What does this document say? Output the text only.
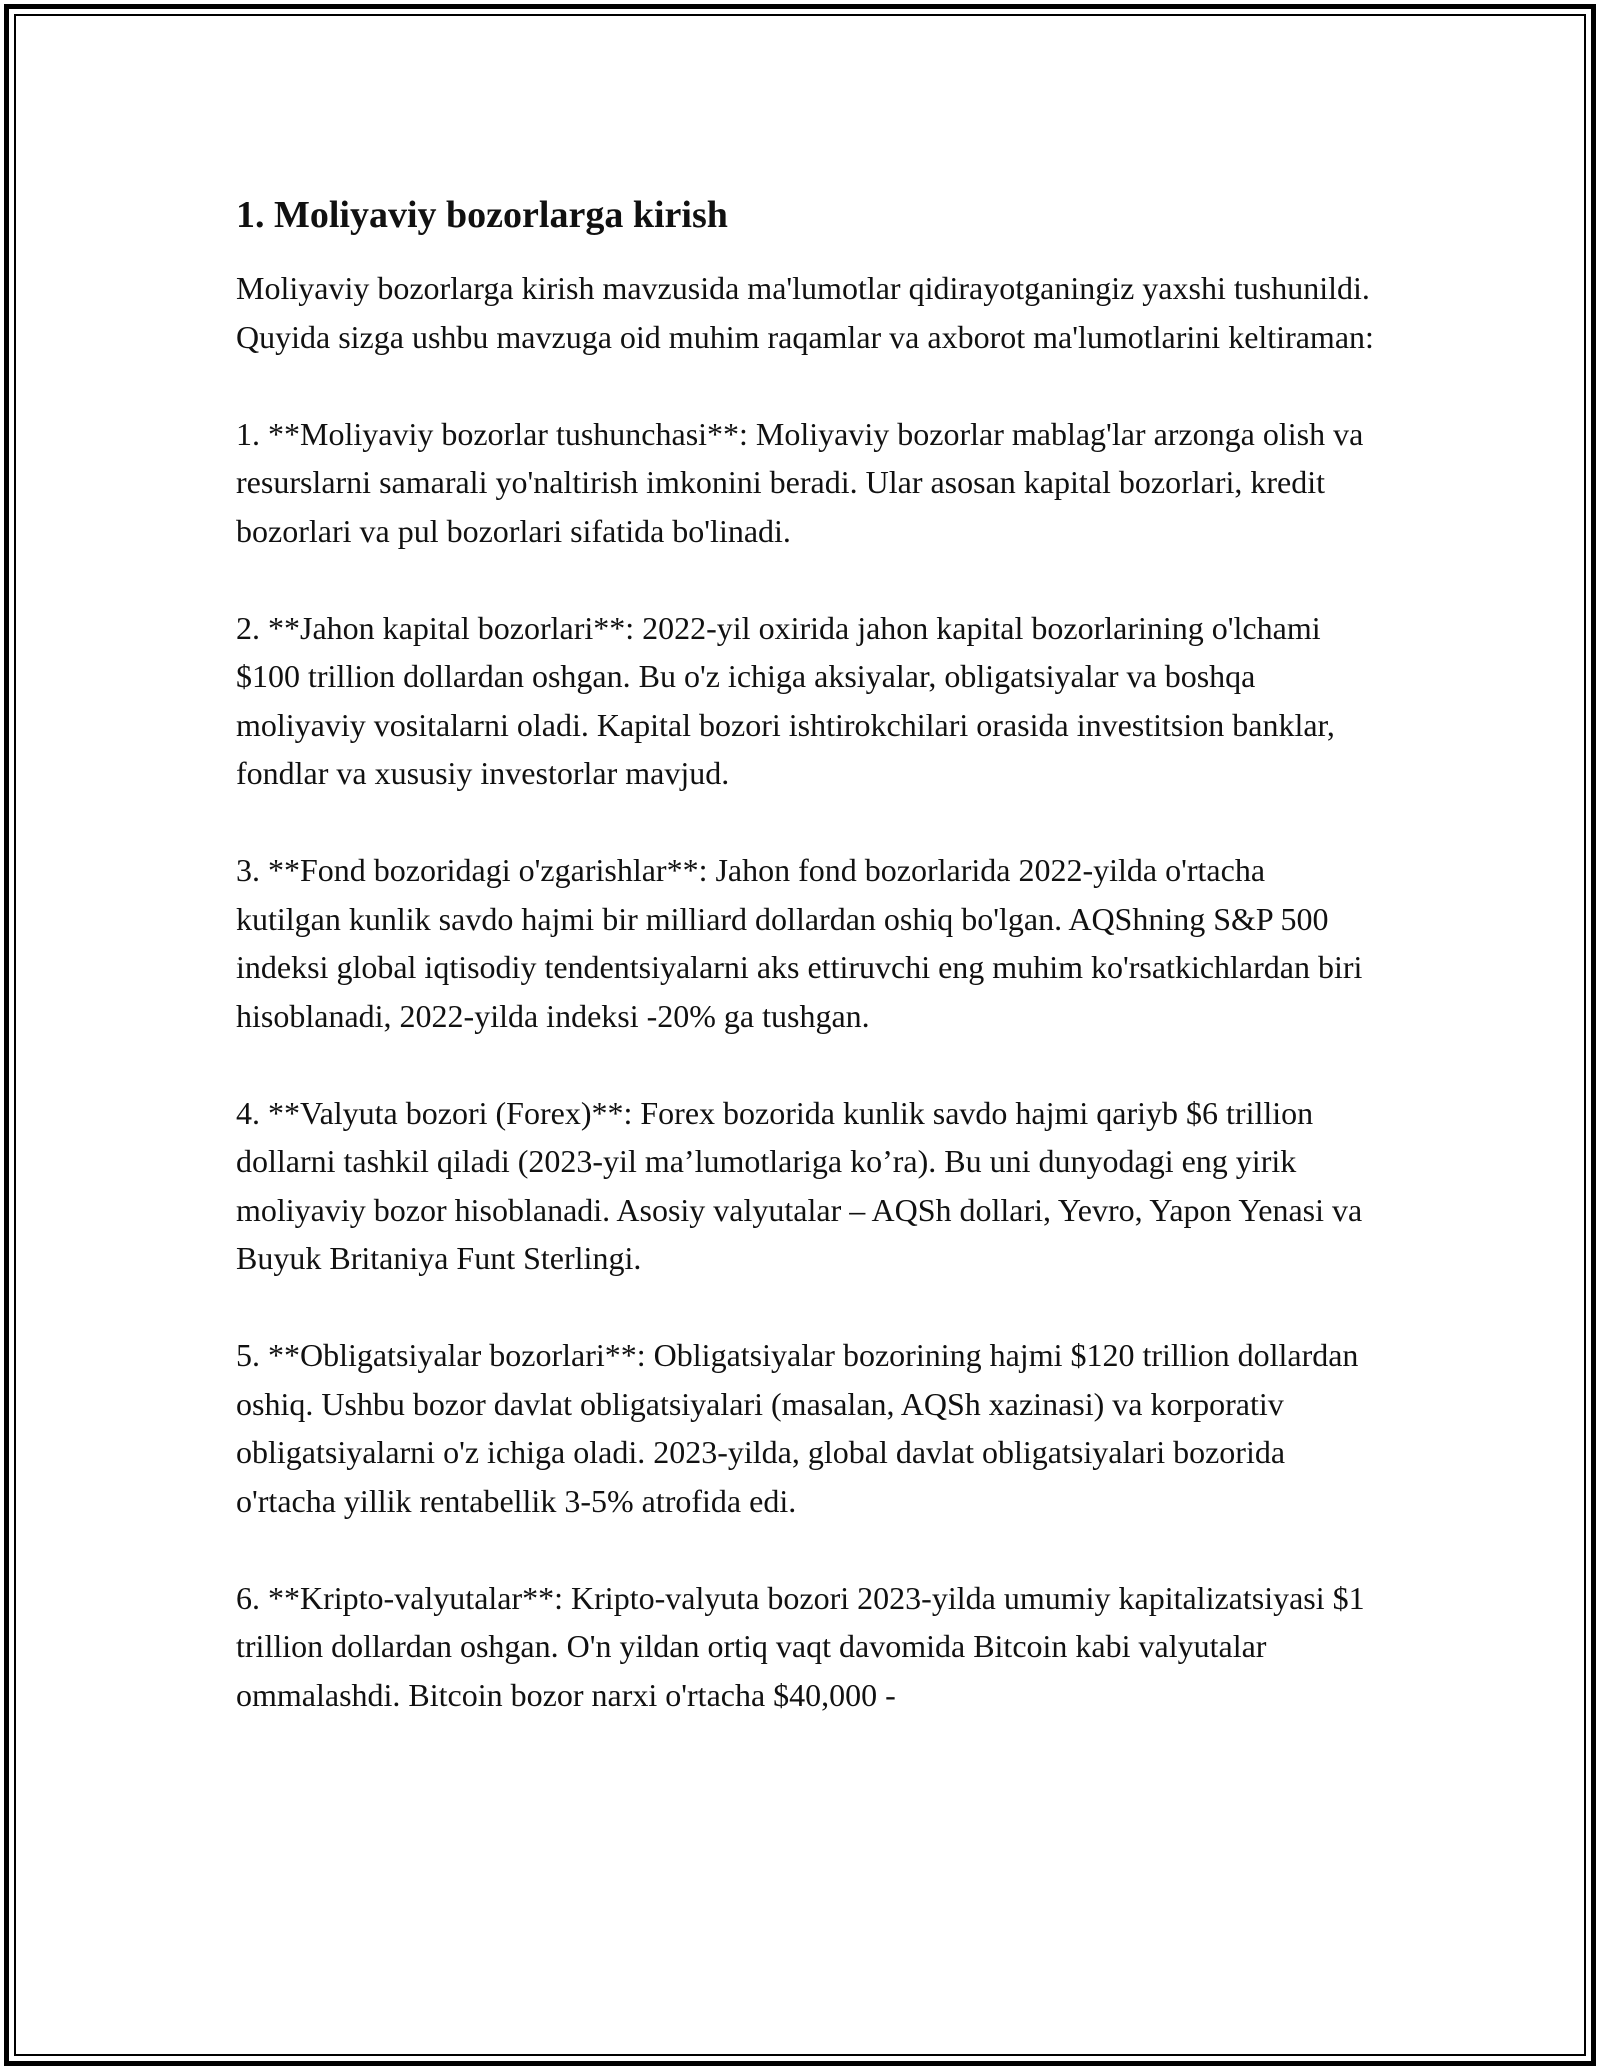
1. Moliyaviy bozorlarga kirish

Moliyaviy bozorlarga kirish mavzusida ma'lumotlar qidirayotganingiz yaxshi tushunildi. Quyida sizga ushbu mavzuga oid muhim raqamlar va axborot ma'lumotlarini keltiraman:

1. **Moliyaviy bozorlar tushunchasi**: Moliyaviy bozorlar mablag'lar arzonga olish va resurslarni samarali yo'naltirish imkonini beradi. Ular asosan kapital bozorlari, kredit bozorlari va pul bozorlari sifatida bo'linadi.

2. **Jahon kapital bozorlari**: 2022-yil oxirida jahon kapital bozorlarining o'lchami $100 trillion dollardan oshgan. Bu o'z ichiga aksiyalar, obligatsiyalar va boshqa moliyaviy vositalarni oladi. Kapital bozori ishtirokchilari orasida investitsion banklar, fondlar va xususiy investorlar mavjud.

3. **Fond bozoridagi o'zgarishlar**: Jahon fond bozorlarida 2022-yilda o'rtacha kutilgan kunlik savdo hajmi bir milliard dollardan oshiq bo'lgan. AQShning S&P 500 indeksi global iqtisodiy tendentsiyalarni aks ettiruvchi eng muhim ko'rsatkichlardan biri hisoblanadi, 2022-yilda indeksi -20% ga tushgan.

4. **Valyuta bozori (Forex)**: Forex bozorida kunlik savdo hajmi qariyb $6 trillion dollarni tashkil qiladi (2023-yil ma’lumotlariga ko’ra). Bu uni dunyodagi eng yirik moliyaviy bozor hisoblanadi. Asosiy valyutalar – AQSh dollari, Yevro, Yapon Yenasi va Buyuk Britaniya Funt Sterlingi.

5. **Obligatsiyalar bozorlari**: Obligatsiyalar bozorining hajmi $120 trillion dollardan oshiq. Ushbu bozor davlat obligatsiyalari (masalan, AQSh xazinasi) va korporativ obligatsiyalarni o'z ichiga oladi. 2023-yilda, global davlat obligatsiyalari bozorida o'rtacha yillik rentabellik 3-5% atrofida edi.

6. **Kripto-valyutalar**: Kripto-valyuta bozori 2023-yilda umumiy kapitalizatsiyasi $1 trillion dollardan oshgan. O'n yildan ortiq vaqt davomida Bitcoin kabi valyutalar ommalashdi. Bitcoin bozor narxi o'rtacha $40,000 -
